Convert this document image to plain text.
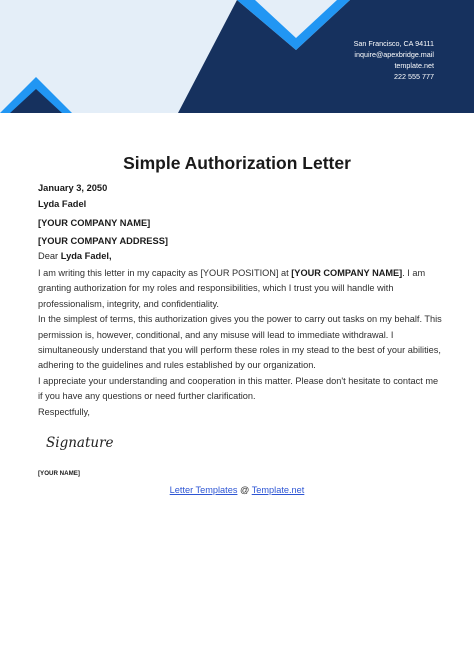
San Francisco, CA 94111
inquire@apexbridge.mail
template.net
222 555 777
Simple Authorization Letter
January 3, 2050
Lyda Fadel
[YOUR COMPANY NAME]
[YOUR COMPANY ADDRESS]
Dear Lyda Fadel,

I am writing this letter in my capacity as [YOUR POSITION] at [YOUR COMPANY NAME]. I am granting authorization for my roles and responsibilities, which I trust you will handle with professionalism, integrity, and confidentiality.

In the simplest of terms, this authorization gives you the power to carry out tasks on my behalf. This permission is, however, conditional, and any misuse will lead to immediate withdrawal. I simultaneously understand that you will perform these roles in my stead to the best of your abilities, adhering to the guidelines and rules established by our organization.

I appreciate your understanding and cooperation in this matter. Please don't hesitate to contact me if you have any questions or need further clarification.

Respectfully,

Signature
[YOUR NAME]
Letter Templates @ Template.net
